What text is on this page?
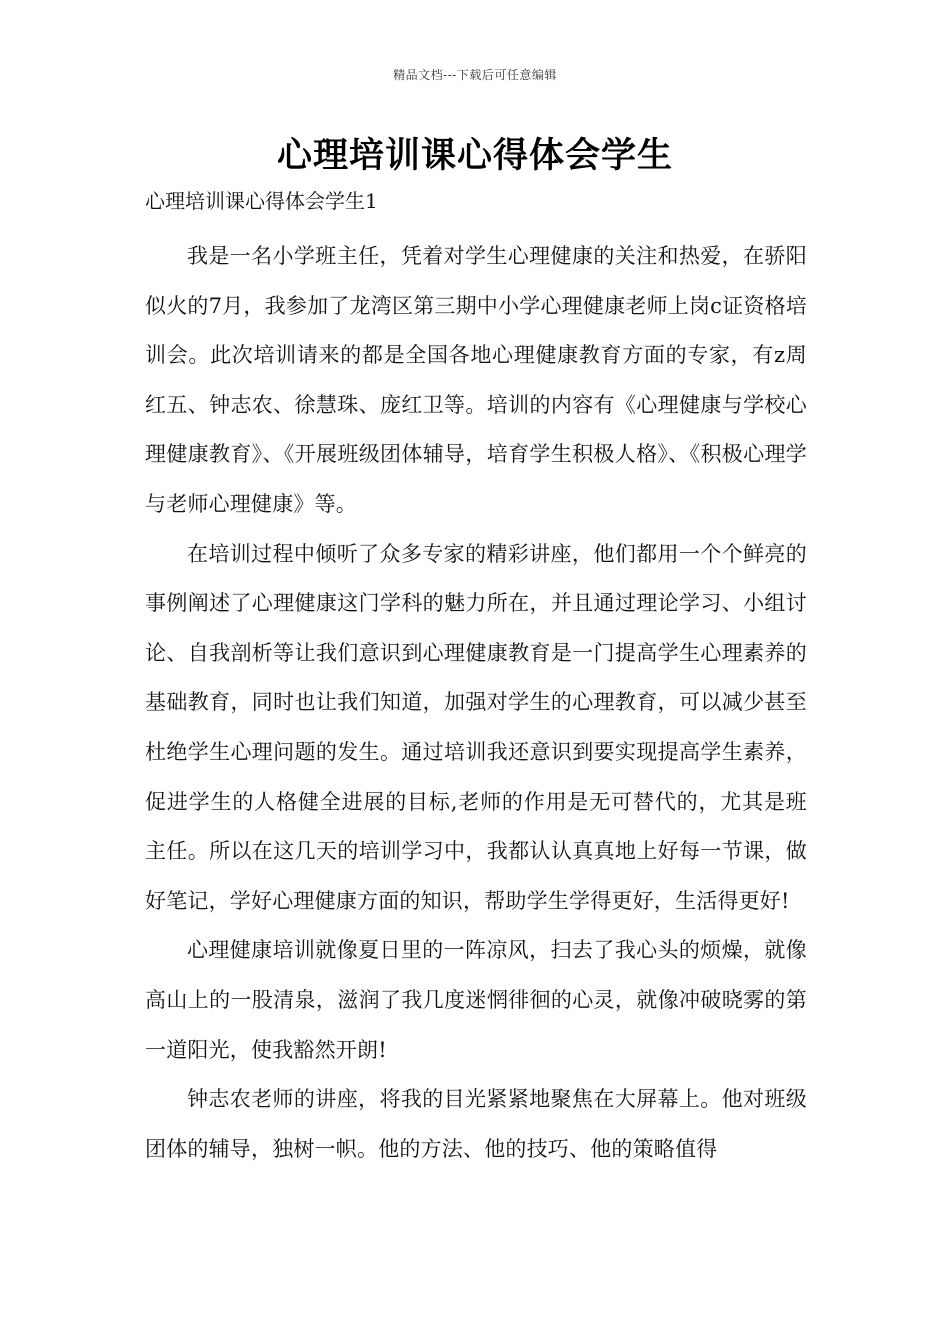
精品文档---下载后可任意编辑
心理培训课心得体会学生
心理培训课心得体会学生1

我是一名小学班主任，凭着对学生心理健康的关注和热爱，在骄阳似火的7月，我参加了龙湾区第三期中小学心理健康老师上岗c证资格培训会。此次培训请来的都是全国各地心理健康教育方面的专家，有z周红五、钟志农、徐慧珠、庞红卫等。培训的内容有《心理健康与学校心理健康教育》、《开展班级团体辅导，培育学生积极人格》、《积极心理学与老师心理健康》等。

在培训过程中倾听了众多专家的精彩讲座，他们都用一个个鲜亮的事例阐述了心理健康这门学科的魅力所在，并且通过理论学习、小组讨论、自我剖析等让我们意识到心理健康教育是一门提高学生心理素养的基础教育，同时也让我们知道，加强对学生的心理教育，可以减少甚至杜绝学生心理问题的发生。通过培训我还意识到要实现提高学生素养，促进学生的人格健全进展的目标,老师的作用是无可替代的，尤其是班主任。所以在这几天的培训学习中，我都认认真真地上好每一节课，做好笔记，学好心理健康方面的知识，帮助学生学得更好，生活得更好!

心理健康培训就像夏日里的一阵凉风，扫去了我心头的烦燥，就像高山上的一股清泉，滋润了我几度迷惘徘徊的心灵，就像冲破晓雾的第一道阳光，使我豁然开朗!

钟志农老师的讲座，将我的目光紧紧地聚焦在大屏幕上。他对班级团体的辅导，独树一帜。他的方法、他的技巧、他的策略值得
